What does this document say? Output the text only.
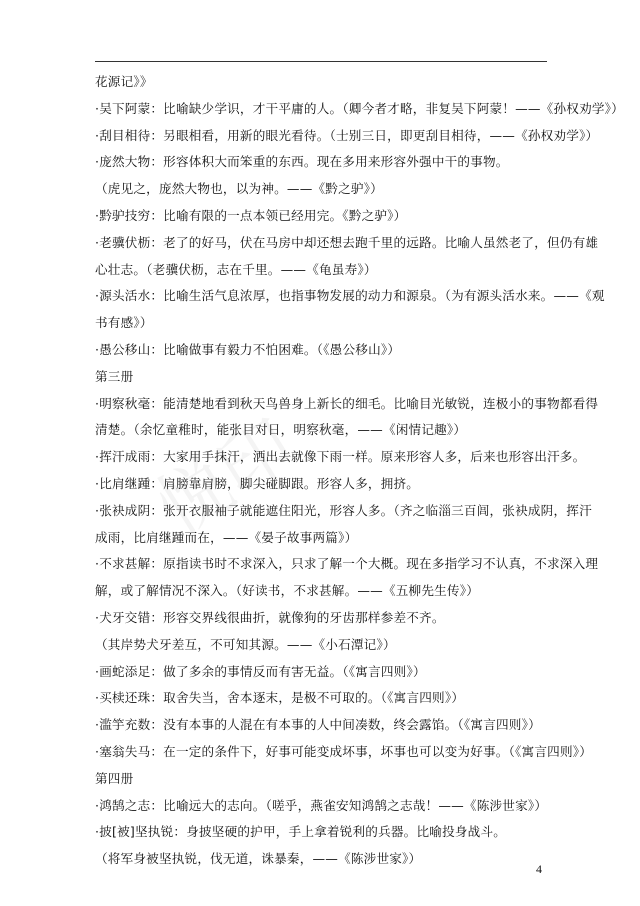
花源记》》
·吴下阿蒙：比喻缺少学识，才干平庸的人。（卿今者才略，非复吴下阿蒙！——《孙权劝学》）
·刮目相待：另眼相看，用新的眼光看待。（士别三日，即更刮目相待，——《孙权劝学》）
·庞然大物：形容体积大而笨重的东西。现在多用来形容外强中干的事物。
（虎见之，庞然大物也，以为神。——《黔之驴》）
·黔驴技穷：比喻有限的一点本领已经用完。《黔之驴》）
·老骥伏枥：老了的好马，伏在马房中却还想去跑千里的远路。比喻人虽然老了，但仍有雄
心壮志。（老骥伏枥，志在千里。——《龟虽寿》）
·源头活水：比喻生活气息浓厚，也指事物发展的动力和源泉。（为有源头活水来。——《观
书有感》）
·愚公移山：比喻做事有毅力不怕困难。（《愚公移山》）
第三册
·明察秋毫：能清楚地看到秋天鸟兽身上新长的细毛。比喻目光敏锐，连极小的事物都看得
清楚。（余忆童稚时，能张目对日，明察秋毫，——《闲情记趣》）
·挥汗成雨：大家用手抹汗，洒出去就像下雨一样。原来形容人多，后来也形容出汗多。
·比肩继踵：肩膀靠肩膀，脚尖碰脚跟。形容人多，拥挤。
·张袂成阴：张开衣服袖子就能遮住阳光，形容人多。（齐之临淄三百闾，张袂成阴，挥汗
成雨，比肩继踵而在，——《晏子故事两篇》）
·不求甚解：原指读书时不求深入，只求了解一个大概。现在多指学习不认真，不求深入理
解，或了解情况不深入。（好读书，不求甚解。——《五柳先生传》）
·犬牙交错：形容交界线很曲折，就像狗的牙齿那样参差不齐。
（其岸势犬牙差互，不可知其源。——《小石潭记》）
·画蛇添足：做了多余的事情反而有害无益。（《寓言四则》）
·买椟还珠：取舍失当，舍本逐末，是极不可取的。（《寓言四则》）
·滥竽充数：没有本事的人混在有本事的人中间凑数，终会露馅。（《寓言四则》）
·塞翁失马：在一定的条件下，好事可能变成坏事，坏事也可以变为好事。（《寓言四则》）
第四册
·鸿鹄之志：比喻远大的志向。（嗟乎，燕雀安知鸿鹄之志哉！——《陈涉世家》）
·披[被]坚执锐：身披坚硬的护甲，手上拿着锐利的兵器。比喻投身战斗。
（将军身被坚执锐，伐无道，诛暴秦，——《陈涉世家》）
4
